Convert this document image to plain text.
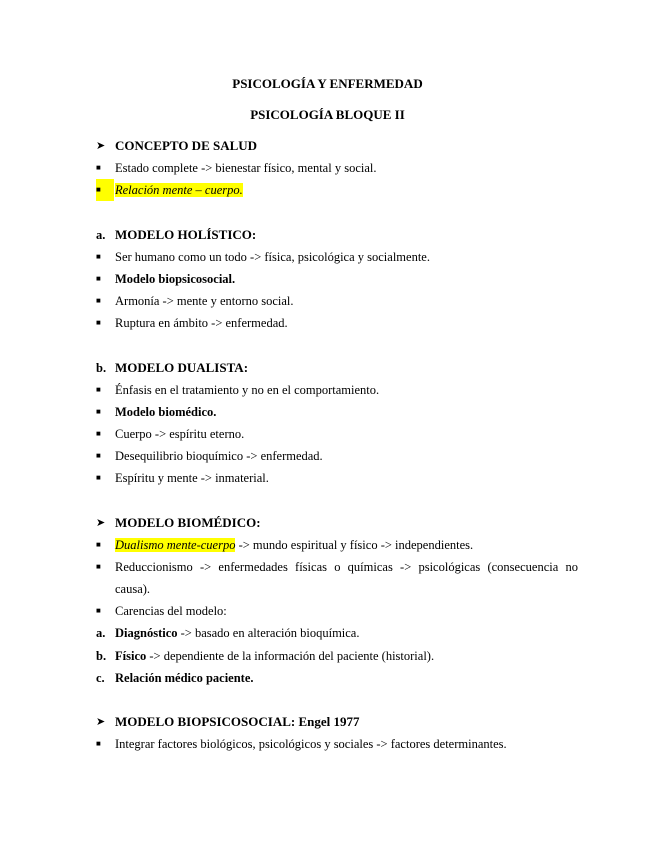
PSICOLOGÍA Y ENFERMEDAD
PSICOLOGÍA BLOQUE II
➤ CONCEPTO DE SALUD
■	Estado complete -> bienestar físico, mental y social.
■	Relación mente – cuerpo.
a. MODELO HOLÍSTICO:
■	Ser humano como un todo -> física, psicológica y socialmente.
■	Modelo biopsicosocial.
■	Armonía -> mente y entorno social.
■	Ruptura en ámbito -> enfermedad.
b. MODELO DUALISTA:
■	Énfasis en el tratamiento y no en el comportamiento.
■	Modelo biomédico.
■	Cuerpo -> espíritu eterno.
■	Desequilibrio bioquímico -> enfermedad.
■	Espíritu y mente -> inmaterial.
➤ MODELO BIOMÉDICO:
■	Dualismo mente-cuerpo -> mundo espiritual y físico -> independientes.
■	Reduccionismo -> enfermedades físicas o químicas -> psicológicas (consecuencia no
causa).
■	Carencias del modelo:
a. Diagnóstico -> basado en alteración bioquímica.
b. Físico -> dependiente de la información del paciente (historial).
c. Relación médico paciente.
➤ MODELO BIOPSICOSOCIAL: Engel 1977
■	Integrar factores biológicos, psicológicos y sociales -> factores determinantes.
